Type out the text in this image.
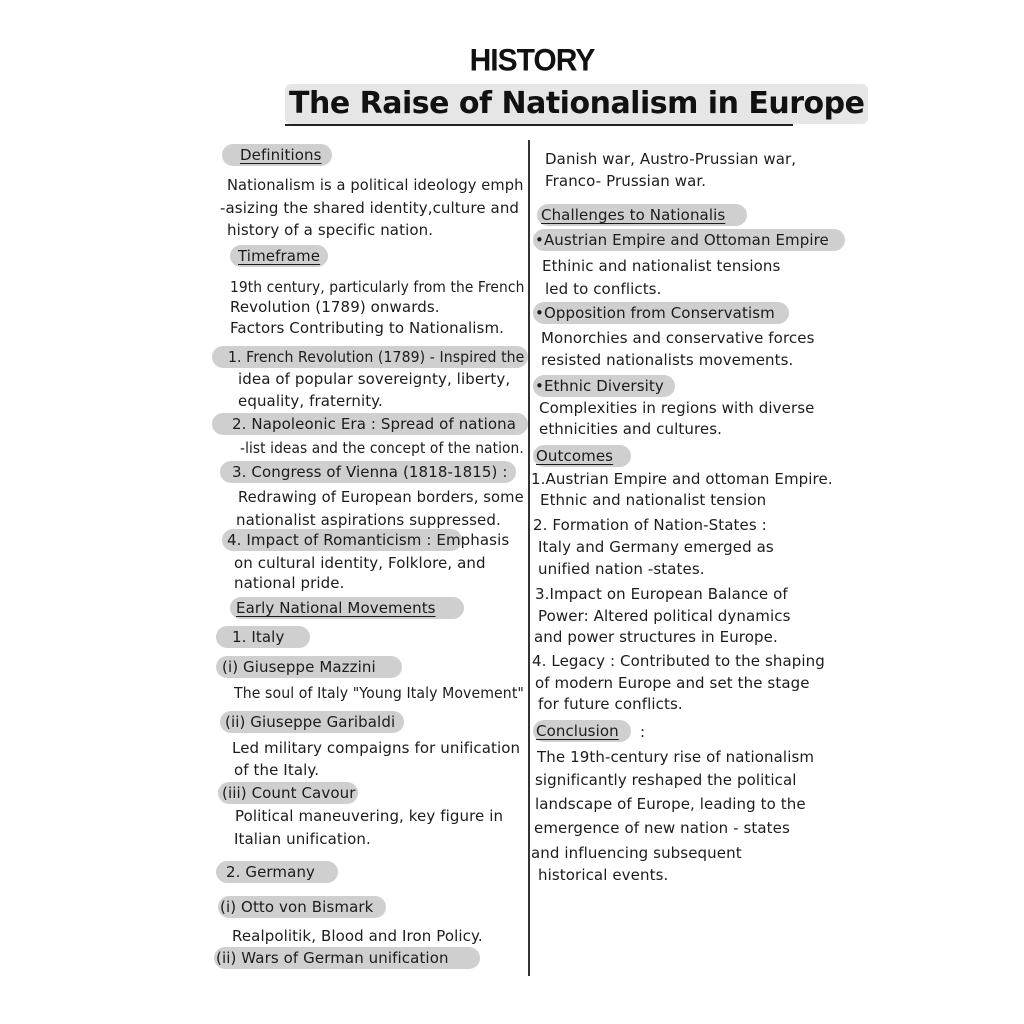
HISTORY
The Raise of Nationalism in Europe
Definitions
Nationalism is a political ideology emph
-asizing the shared identity,culture and
history of a specific nation.
Timeframe
19th century, particularly from the French
Revolution (1789) onwards.
Factors Contributing to Nationalism.
1. French Revolution (1789) - Inspired the
idea of popular sovereignty, liberty,
equality, fraternity.
2. Napoleonic Era : Spread of nationa
-list ideas and the concept of the nation.
3. Congress of Vienna (1818-1815) :
Redrawing of European borders, some
nationalist aspirations suppressed.
4. Impact of Romanticism : Emphasis
on cultural identity, Folklore, and
national pride.
Early National Movements
1. Italy
(i) Giuseppe Mazzini
The soul of Italy "Young Italy Movement"
(ii) Giuseppe Garibaldi
Led military compaigns for unification
of the Italy.
(iii) Count Cavour
Political maneuvering, key figure in
Italian unification.
2. Germany
(i) Otto von Bismark
Realpolitik, Blood and Iron Policy.
(ii) Wars of German unification
Danish war, Austro-Prussian war,
Franco- Prussian war.
Challenges to Nationalis
•Austrian Empire and Ottoman Empire
Ethinic and nationalist tensions
led to conflicts.
•Opposition from Conservatism
Monorchies and conservative forces
resisted nationalists movements.
•Ethnic Diversity
Complexities in regions with diverse
ethnicities and cultures.
Outcomes
1.Austrian Empire and ottoman Empire.
Ethnic and nationalist tension
2. Formation of Nation-States :
Italy and Germany emerged as
unified nation -states.
3.Impact on European Balance of
Power: Altered political dynamics
and power structures in Europe.
4. Legacy : Contributed to the shaping
of modern Europe and set the stage
for future conflicts.
Conclusion :
The 19th-century rise of nationalism
significantly reshaped the political
landscape of Europe, leading to the
emergence of new nation - states
and influencing subsequent
historical events.
